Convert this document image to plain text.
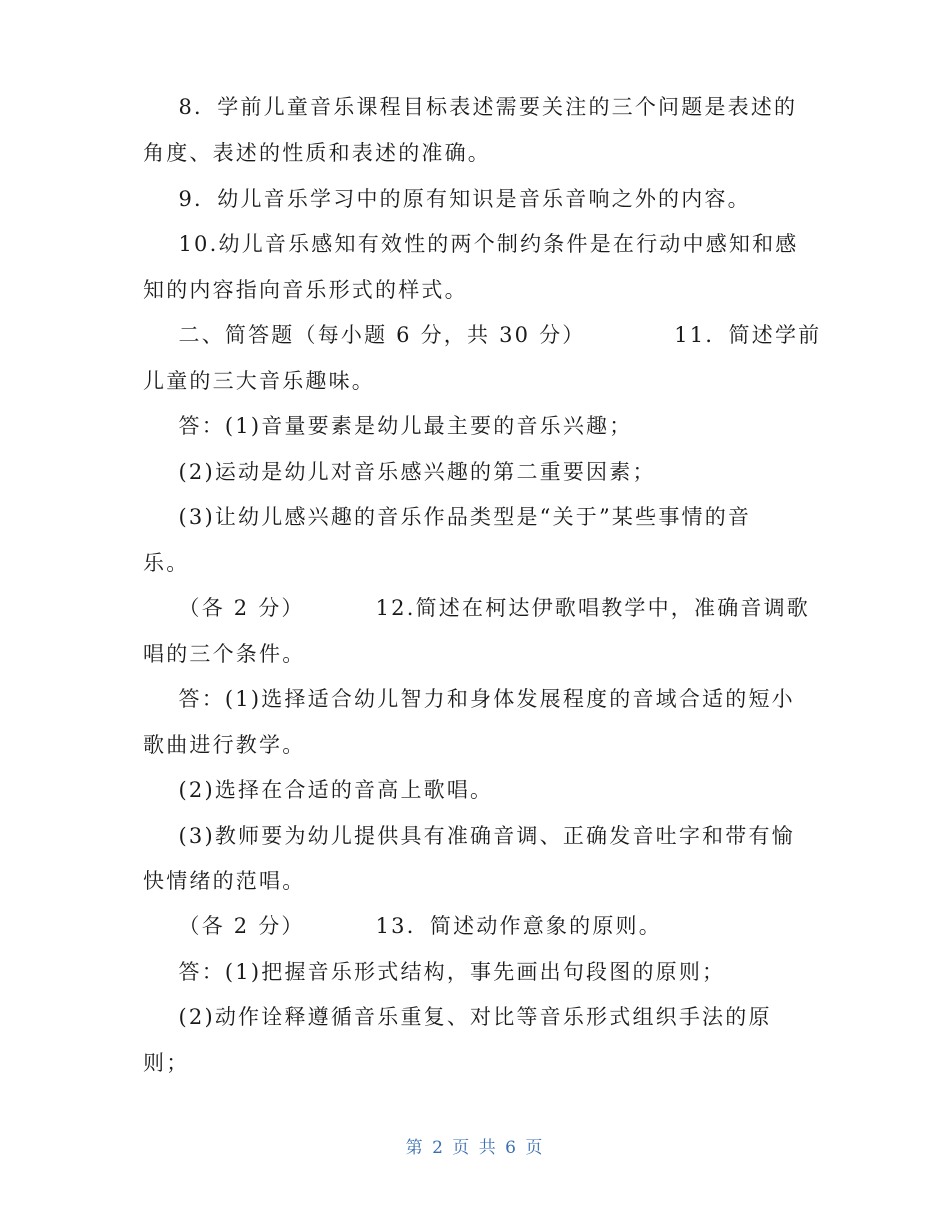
8．学前儿童音乐课程目标表述需要关注的三个问题是表述的
角度、表述的性质和表述的准确。
9．幼儿音乐学习中的原有知识是音乐音响之外的内容。
10.幼儿音乐感知有效性的两个制约条件是在行动中感知和感
知的内容指向音乐形式的样式。
二、简答题（每小题 6 分，共 30 分）          11．简述学前
儿童的三大音乐趣味。
答：(1)音量要素是幼儿最主要的音乐兴趣；
(2)运动是幼儿对音乐感兴趣的第二重要因素；
(3)让幼儿感兴趣的音乐作品类型是“关于”某些事情的音
乐。
（各 2 分）        12.简述在柯达伊歌唱教学中，准确音调歌
唱的三个条件。
答：(1)选择适合幼儿智力和身体发展程度的音域合适的短小
歌曲进行教学。
(2)选择在合适的音高上歌唱。
(3)教师要为幼儿提供具有准确音调、正确发音吐字和带有愉
快情绪的范唱。
（各 2 分）        13．简述动作意象的原则。
答：(1)把握音乐形式结构，事先画出句段图的原则；
(2)动作诠释遵循音乐重复、对比等音乐形式组织手法的原
则；
第 2 页 共 6 页
